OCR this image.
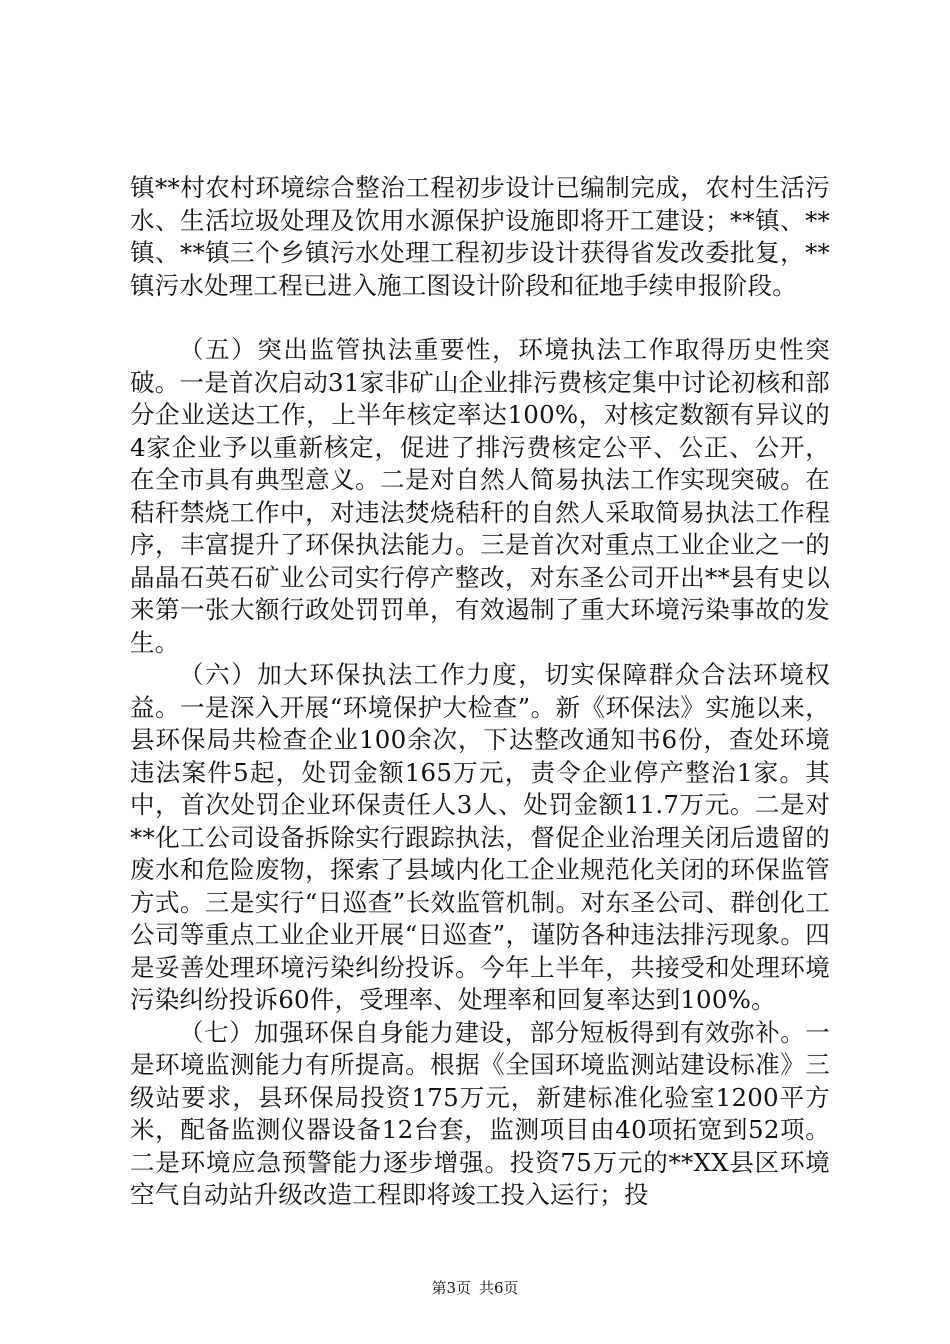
镇**村农村环境综合整治工程初步设计已编制完成，农村生活污水、生活垃圾处理及饮用水源保护设施即将开工建设；**镇、**镇、**镇三个乡镇污水处理工程初步设计获得省发改委批复，**镇污水处理工程已进入施工图设计阶段和征地手续申报阶段。

（五）突出监管执法重要性，环境执法工作取得历史性突破。一是首次启动31家非矿山企业排污费核定集中讨论初核和部分企业送达工作，上半年核定率达100%，对核定数额有异议的4家企业予以重新核定，促进了排污费核定公平、公正、公开，在全市具有典型意义。二是对自然人简易执法工作实现突破。在秸秆禁烧工作中，对违法焚烧秸秆的自然人采取简易执法工作程序，丰富提升了环保执法能力。三是首次对重点工业企业之一的晶晶石英石矿业公司实行停产整改，对东圣公司开出**县有史以来第一张大额行政处罚罚单，有效遏制了重大环境污染事故的发生。

（六）加大环保执法工作力度，切实保障群众合法环境权益。一是深入开展“环境保护大检查”。新《环保法》实施以来，县环保局共检查企业100余次，下达整改通知书6份，查处环境违法案件5起，处罚金额165万元，责令企业停产整治1家。其中，首次处罚企业环保责任人3人、处罚金额11.7万元。二是对**化工公司设备拆除实行跟踪执法，督促企业治理关闭后遗留的废水和危险废物，探索了县域内化工企业规范化关闭的环保监管方式。三是实行“日巡查”长效监管机制。对东圣公司、群创化工公司等重点工业企业开展“日巡查”，谨防各种违法排污现象。四是妥善处理环境污染纠纷投诉。今年上半年，共接受和处理环境污染纠纷投诉60件，受理率、处理率和回复率达到100%。

（七）加强环保自身能力建设，部分短板得到有效弥补。一是环境监测能力有所提高。根据《全国环境监测站建设标准》三级站要求，县环保局投资175万元，新建标准化验室1200平方米，配备监测仪器设备12台套，监测项目由40项拓宽到52项。二是环境应急预警能力逐步增强。投资75万元的**XX县区环境空气自动站升级改造工程即将竣工投入运行；投

第3页 共6页
